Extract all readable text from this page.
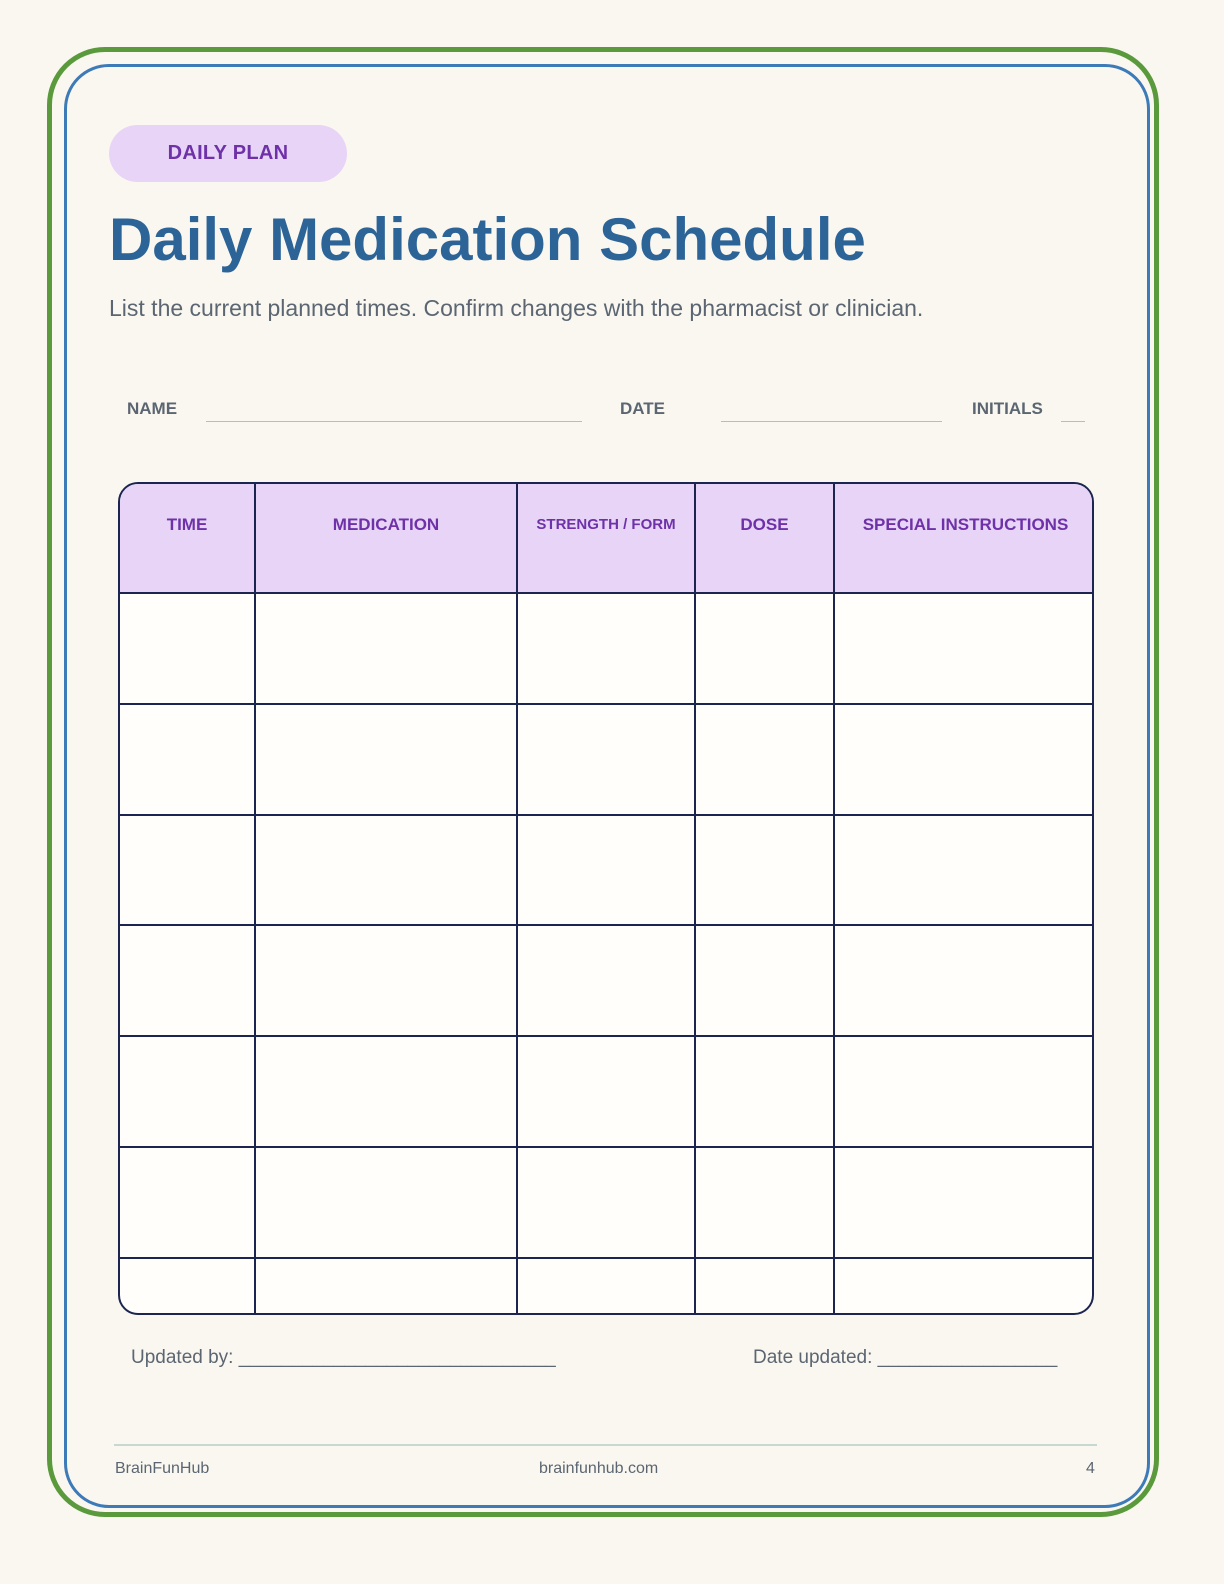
DAILY PLAN
Daily Medication Schedule

List the current planned times. Confirm changes with the pharmacist or clinician.

NAME	DATE	INITIALS
TIME	MEDICATION	STRENGTH / FORM	DOSE	SPECIAL INSTRUCTIONS

Updated by: ______________________________	Date updated: _________________
BrainFunHub	brainfunhub.com	4
